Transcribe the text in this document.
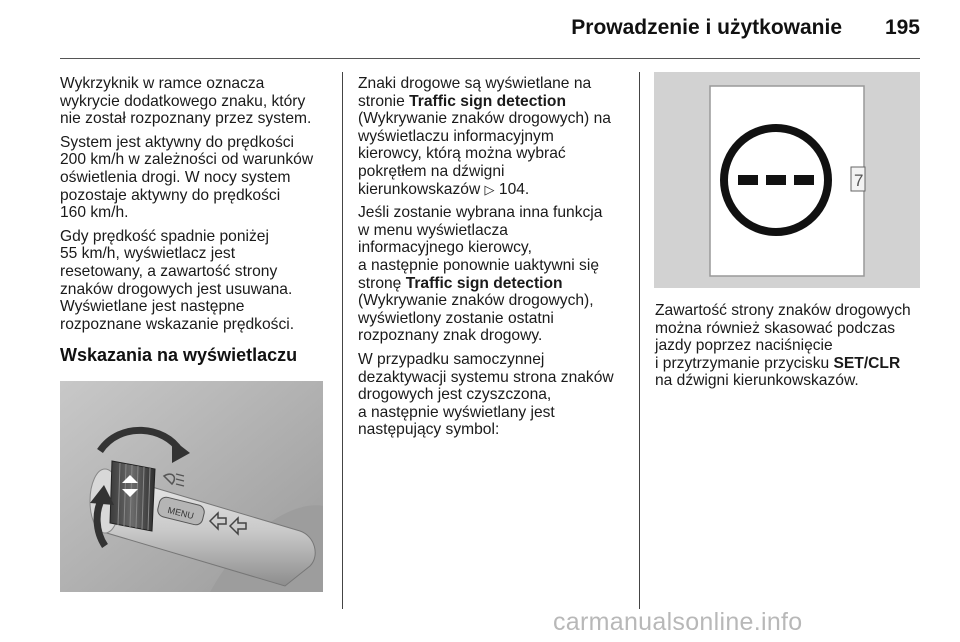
Prowadzenie i użytkowanie 195

Wykrzyknik w ramce oznacza
wykrycie dodatkowego znaku, który
nie został rozpoznany przez system.

System jest aktywny do prędkości
200 km/h w zależności od warunków
oświetlenia drogi. W nocy system
pozostaje aktywny do prędkości
160 km/h.

Gdy prędkość spadnie poniżej
55 km/h, wyświetlacz jest
resetowany, a zawartość strony
znaków drogowych jest usuwana.
Wyświetlane jest następne
rozpoznane wskazanie prędkości.

Wskazania na wyświetlaczu
MENU

Znaki drogowe są wyświetlane na
stronie Traffic sign detection
(Wykrywanie znaków drogowych) na
wyświetlaczu informacyjnym
kierowcy, którą można wybrać
pokrętłem na dźwigni
kierunkowskazów ▷ 104.

Jeśli zostanie wybrana inna funkcja
w menu wyświetlacza
informacyjnego kierowcy,
a następnie ponownie uaktywni się
stronę Traffic sign detection
(Wykrywanie znaków drogowych),
wyświetlony zostanie ostatni
rozpoznany znak drogowy.

W przypadku samoczynnej
dezaktywacji systemu strona znaków
drogowych jest czyszczona,
a następnie wyświetlany jest
następujący symbol:

7

Zawartość strony znaków drogowych
można również skasować podczas
jazdy poprzez naciśnięcie
i przytrzymanie przycisku SET/CLR
na dźwigni kierunkowskazów.

carmanualsonline.info
